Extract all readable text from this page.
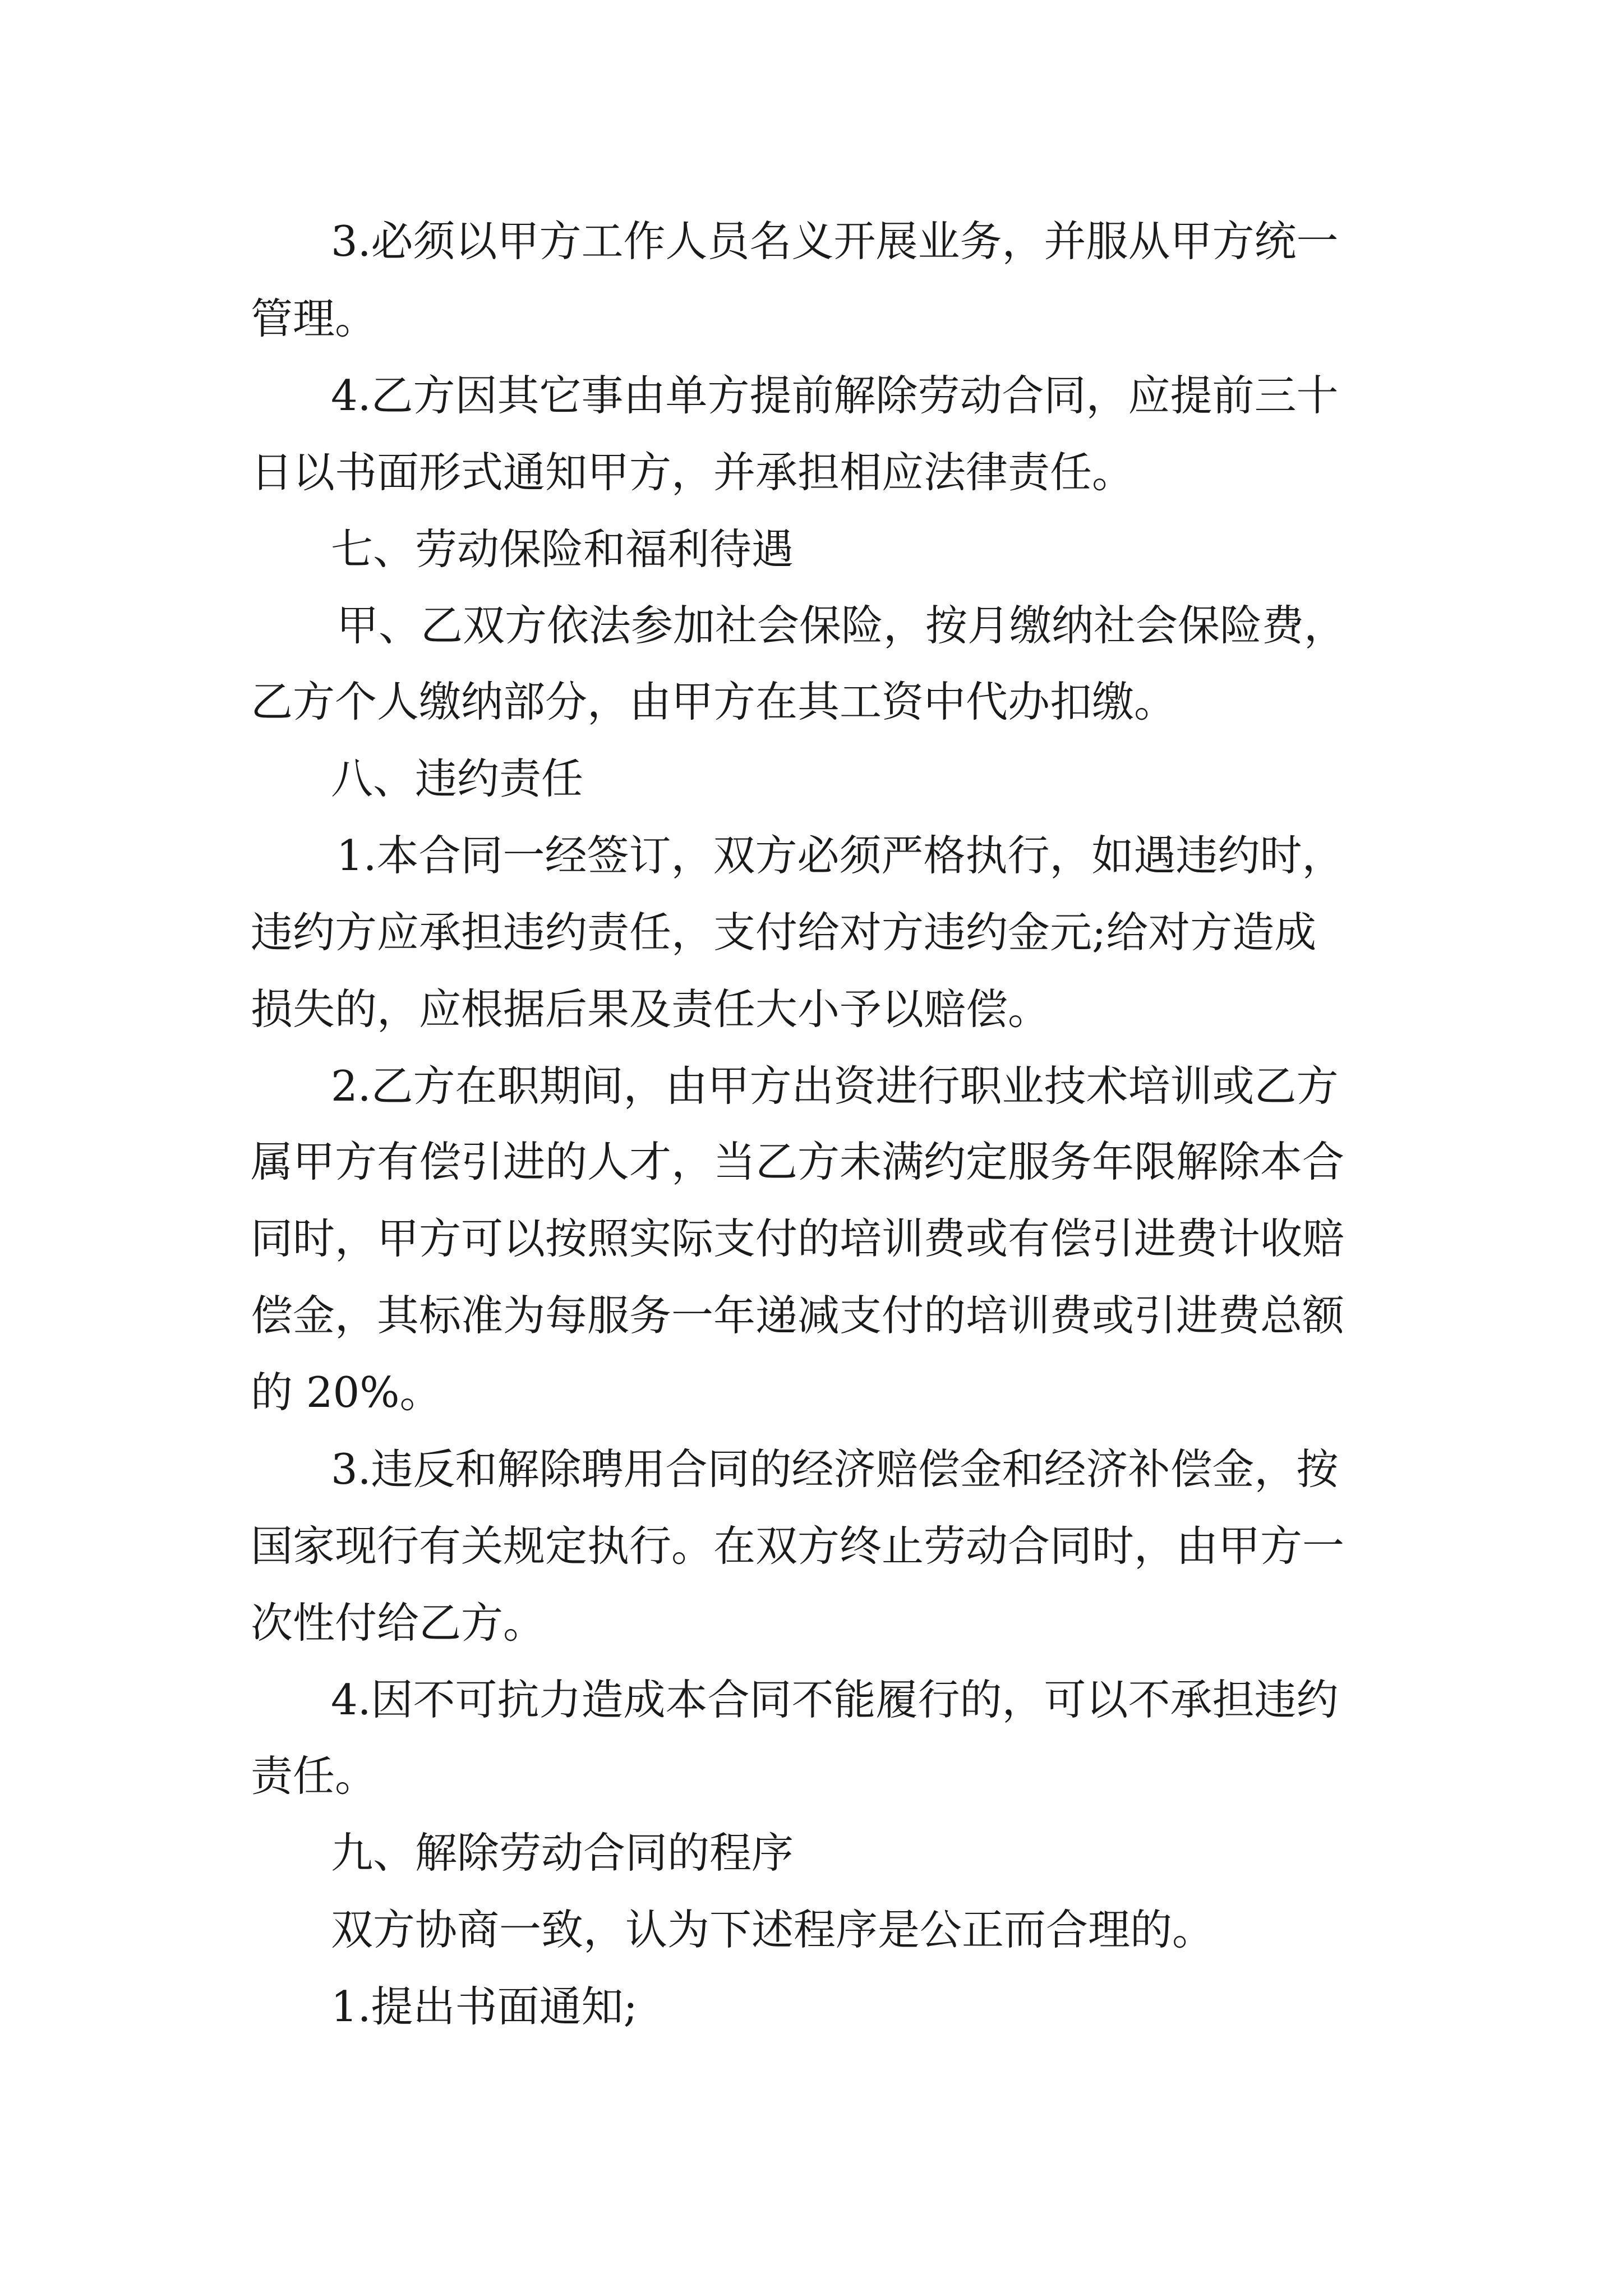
3.必须以甲方工作人员名义开展业务，并服从甲方统一

管理。

4.乙方因其它事由单方提前解除劳动合同，应提前三十

日以书面形式通知甲方，并承担相应法律责任。

七、劳动保险和福利待遇

甲、乙双方依法参加社会保险，按月缴纳社会保险费，

乙方个人缴纳部分，由甲方在其工资中代办扣缴。

八、违约责任

1.本合同一经签订，双方必须严格执行，如遇违约时，

违约方应承担违约责任，支付给对方违约金元;给对方造成

损失的，应根据后果及责任大小予以赔偿。

2.乙方在职期间，由甲方出资进行职业技术培训或乙方

属甲方有偿引进的人才，当乙方未满约定服务年限解除本合

同时，甲方可以按照实际支付的培训费或有偿引进费计收赔

偿金，其标准为每服务一年递减支付的培训费或引进费总额

的 20%。

3.违反和解除聘用合同的经济赔偿金和经济补偿金，按

国家现行有关规定执行。在双方终止劳动合同时，由甲方一

次性付给乙方。

4.因不可抗力造成本合同不能履行的，可以不承担违约

责任。

九、解除劳动合同的程序

双方协商一致，认为下述程序是公正而合理的。

1.提出书面通知;
